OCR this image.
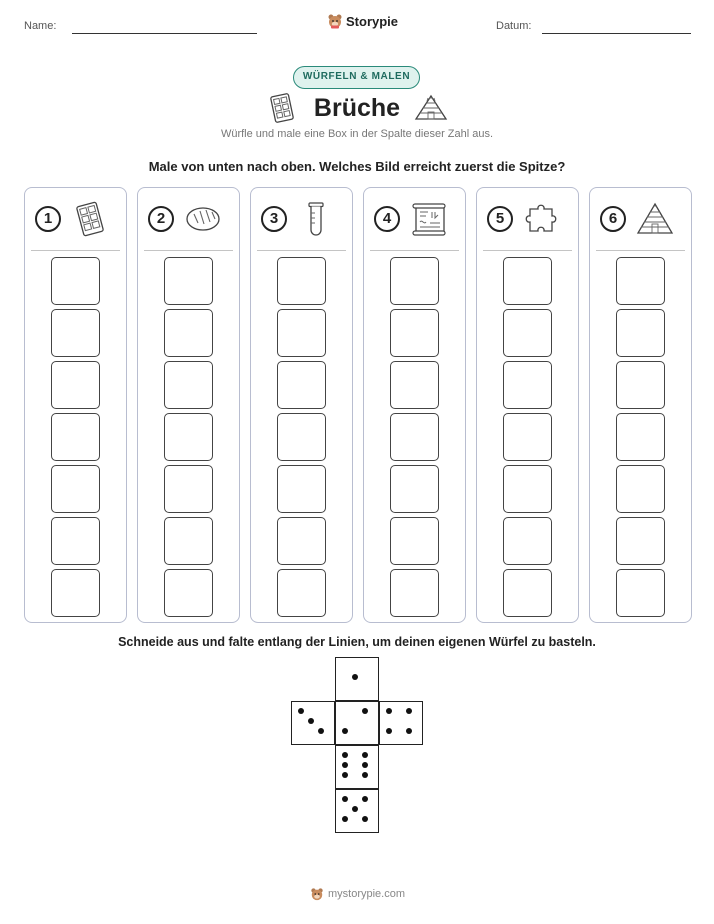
Name:	Storypie	Datum:
WÜRFELN & MALEN
Brüche
Würfle und male eine Box in der Spalte dieser Zahl aus.
Male von unten nach oben. Welches Bild erreicht zuerst die Spitze?
1	2	3	4	5	6
Schneide aus und falte entlang der Linien, um deinen eigenen Würfel zu basteln.
mystorypie.com
